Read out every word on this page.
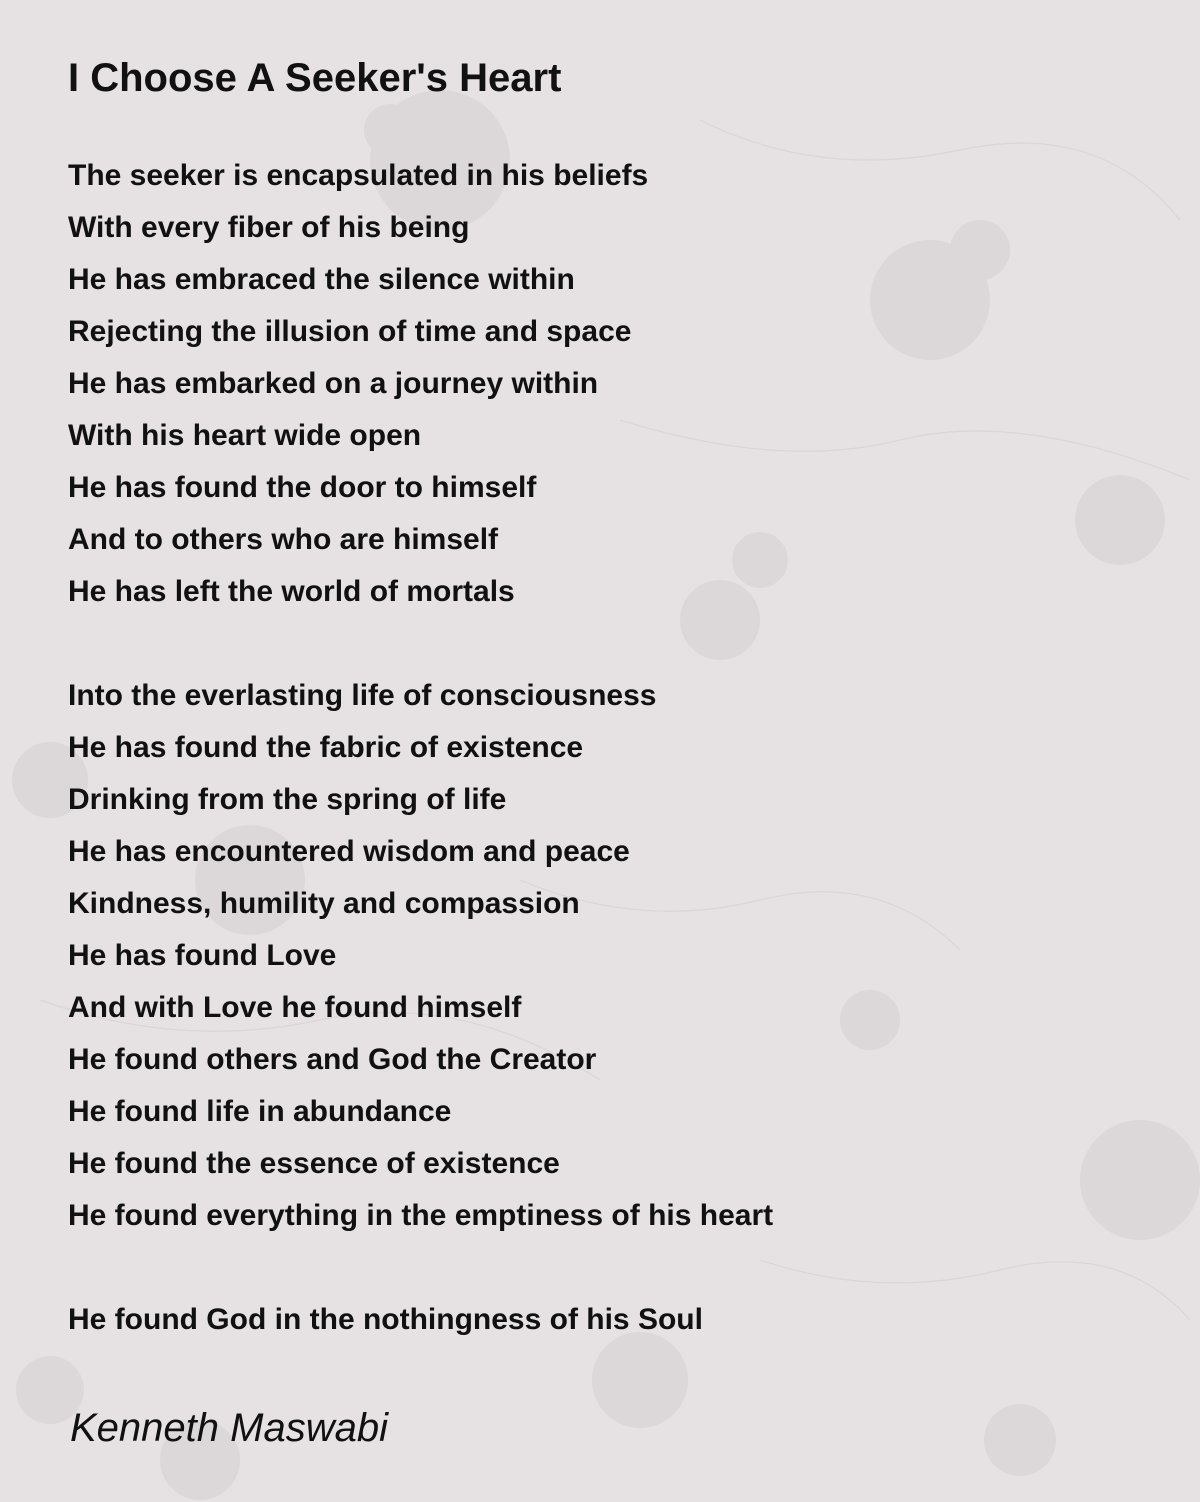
I Choose A Seeker's Heart
The seeker is encapsulated in his beliefs
With every fiber of his being
He has embraced the silence within
Rejecting the illusion of time and space
He has embarked on a journey within
With his heart wide open
He has found the door to himself
And to others who are himself
He has left the world of mortals
Into the everlasting life of consciousness
He has found the fabric of existence
Drinking from the spring of life
He has encountered wisdom and peace
Kindness, humility and compassion
He has found Love
And with Love he found himself
He found others and God the Creator
He found life in abundance
He found the essence of existence
He found everything in the emptiness of his heart
He found God in the nothingness of his Soul
Kenneth Maswabi
